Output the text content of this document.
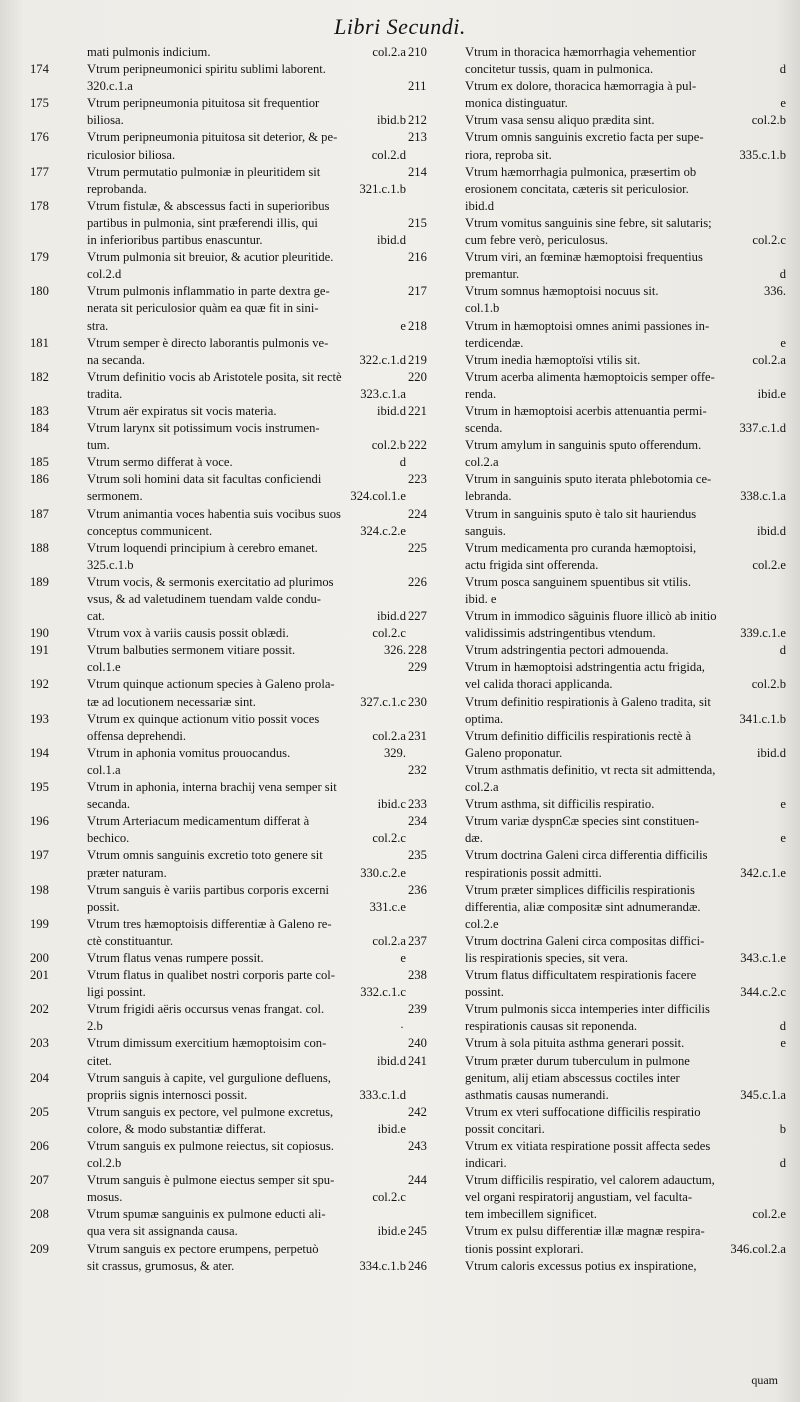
Libri Secundi.
mati pulmonis indicium.	col.2.a
174	Vtrum peripneumonici spiritu sublimi laborent.
320.c.1.a
175	Vtrum peripneumonia pituitosa sit frequentior
biliosa.	ibid.b
176	Vtrum peripneumonia pituitosa sit deterior, & pe-
riculosior biliosa.	col.2.d
177	Vtrum permutatio pulmoniæ in pleuritidem sit
reprobanda.	321.c.1.b
178	Vtrum fistulæ, & abscessus facti in superioribus
partibus in pulmonia, sint præferendi illis, qui
in inferioribus partibus enascuntur.	ibid.d
179	Vtrum pulmonia sit breuior, & acutior pleuritide.
col.2.d
180	Vtrum pulmonis inflammatio in parte dextra ge-
nerata sit periculosior quàm ea quæ fit in sini-
stra.	e
181	Vtrum semper è directo laborantis pulmonis ve-
na secanda.	322.c.1.d
182	Vtrum definitio vocis ab Aristotele posita, sit rectè
tradita.	323.c.1.a
183	Vtrum aër expiratus sit vocis materia.	ibid.d
184	Vtrum larynx sit potissimum vocis instrumen-
tum.	col.2.b
185	Vtrum sermo differat à voce.	d
186	Vtrum soli homini data sit facultas conficiendi
sermonem.	324.col.1.e
187	Vtrum animantia voces habentia suis vocibus suos
conceptus communicent.	324.c.2.e
188	Vtrum loquendi principium à cerebro emanet.
325.c.1.b
189	Vtrum vocis, & sermonis exercitatio ad plurimos
vsus, & ad valetudinem tuendam valde condu-
cat.	ibid.d
190	Vtrum vox à variis causis possit oblædi.	col.2.c
191	Vtrum balbuties sermonem vitiare possit.	326.
col.1.e
192	Vtrum quinque actionum species à Galeno prola-
tæ ad locutionem necessariæ sint.	327.c.1.c
193	Vtrum ex quinque actionum vitio possit voces
offensa deprehendi.	col.2.a
194	Vtrum in aphonia vomitus prouocandus.	329.
col.1.a
195	Vtrum in aphonia, interna brachij vena semper sit
secanda.	ibid.c
196	Vtrum Arteriacum medicamentum differat à
bechico.	col.2.c
197	Vtrum omnis sanguinis excretio toto genere sit
præter naturam.	330.c.2.e
198	Vtrum sanguis è variis partibus corporis excerni
possit.	331.c.e
199	Vtrum tres hæmoptoisis differentiæ à Galeno re-
ctè constituantur.	col.2.a
200	Vtrum flatus venas rumpere possit.	e
201	Vtrum flatus in qualibet nostri corporis parte col-
ligi possint.	332.c.1.c
202	Vtrum frigidi aëris occursus venas frangat. col.
2.b
203	Vtrum dimissum exercitium hæmoptoisim con-
citet.	ibid.d
204	Vtrum sanguis à capite, vel gurgulione defluens,
propriis signis internosci possit.	333.c.1.d
205	Vtrum sanguis ex pectore, vel pulmone excretus,
colore, & modo substantiæ differat.	ibid.e
206	Vtrum sanguis ex pulmone reiectus, sit copiosus.
col.2.b
207	Vtrum sanguis è pulmone eiectus semper sit spu-
mosus.	col.2.c
208	Vtrum spumæ sanguinis ex pulmone educti ali-
qua vera sit assignanda causa.	ibid.e
209	Vtrum sanguis ex pectore erumpens, perpetuò
sit crassus, grumosus, & ater.	334.c.1.b
210	Vtrum in thoracica hæmorrhagia vehementior
concitetur tussis, quam in pulmonica.	d
211	Vtrum ex dolore, thoracica hæmorragia à pul-
monica distinguatur.	e
212	Vtrum vasa sensu aliquo prædita sint.	col.2.b
213	Vtrum omnis sanguinis excretio facta per supe-
riora, reproba sit.	335.c.1.b
214	Vtrum hæmorrhagia pulmonica, præsertim ob
erosionem concitata, cæteris sit periculosior.
ibid.d
215	Vtrum vomitus sanguinis sine febre, sit salutaris;
cum febre verò, periculosus.	col.2.c
216	Vtrum viri, an fœminæ hæmoptoisi frequentius
premantur.	d
217	Vtrum somnus hæmoptoisi nocuus sit.	336.
col.1.b
218	Vtrum in hæmoptoisi omnes animi passiones in-
terdicendæ.	e
219	Vtrum inedia hæmoptoïsi vtilis sit.	col.2.a
220	Vtrum acerba alimenta hæmoptoicis semper offe-
renda.	ibid.e
221	Vtrum in hæmoptoisi acerbis attenuantia permi-
scenda.	337.c.1.d
222	Vtrum amylum in sanguinis sputo offerendum.
col.2.a
223	Vtrum in sanguinis sputo iterata phlebotomia ce-
lebranda.	338.c.1.a
224	Vtrum in sanguinis sputo è talo sit hauriendus
sanguis.	ibid.d
225	Vtrum medicamenta pro curanda hæmoptoisi,
actu frigida sint offerenda.	col.2.e
226	Vtrum posca sanguinem spuentibus sit vtilis.
ibid. e
227	Vtrum in immodico sãguinis fluore illicò ab initio
validissimis adstringentibus vtendum.	339.c.1.e
228	Vtrum adstringentia pectori admouenda.	d
229	Vtrum in hæmoptoisi adstringentia actu frigida,
vel calida thoraci applicanda.	col.2.b
230	Vtrum definitio respirationis à Galeno tradita, sit
optima.	341.c.1.b
231	Vtrum definitio difficilis respirationis rectè à
Galeno proponatur.	ibid.d
232	Vtrum asthmatis definitio, vt recta sit admittenda,
col.2.a
233	Vtrum asthma, sit difficilis respiratio.	e
234	Vtrum variæ dyspnϾæ species sint constituen-
dæ.	e
235	Vtrum doctrina Galeni circa differentia difficilis
respirationis possit admitti.	342.c.1.e
236	Vtrum præter simplices difficilis respirationis
differentia, aliæ compositæ sint adnumerandæ.
col.2.e
237	Vtrum doctrina Galeni circa compositas diffici-
lis respirationis species, sit vera.	343.c.1.e
238	Vtrum flatus difficultatem respirationis facere
possint.	344.c.2.c
239	Vtrum pulmonis sicca intemperies inter difficilis
respirationis causas sit reponenda.	d
240	Vtrum à sola pituita asthma generari possit.	e
241	Vtrum præter durum tuberculum in pulmone
genitum, alij etiam abscessus coctiles inter
asthmatis causas numerandi.	345.c.1.a
242	Vtrum ex vteri suffocatione difficilis respiratio
possit concitari.	b
243	Vtrum ex vitiata respiratione possit affecta sedes
indicari.	d
244	Vtrum difficilis respiratio, vel calorem adauctum,
vel organi respiratorij angustiam, vel faculta-
tem imbecillem significet.	col.2.e
245	Vtrum ex pulsu differentiæ illæ magnæ respira-
tionis possint explorari.	346.col.2.a
246	Vtrum caloris excessus potius ex inspiratione,
·
quam
